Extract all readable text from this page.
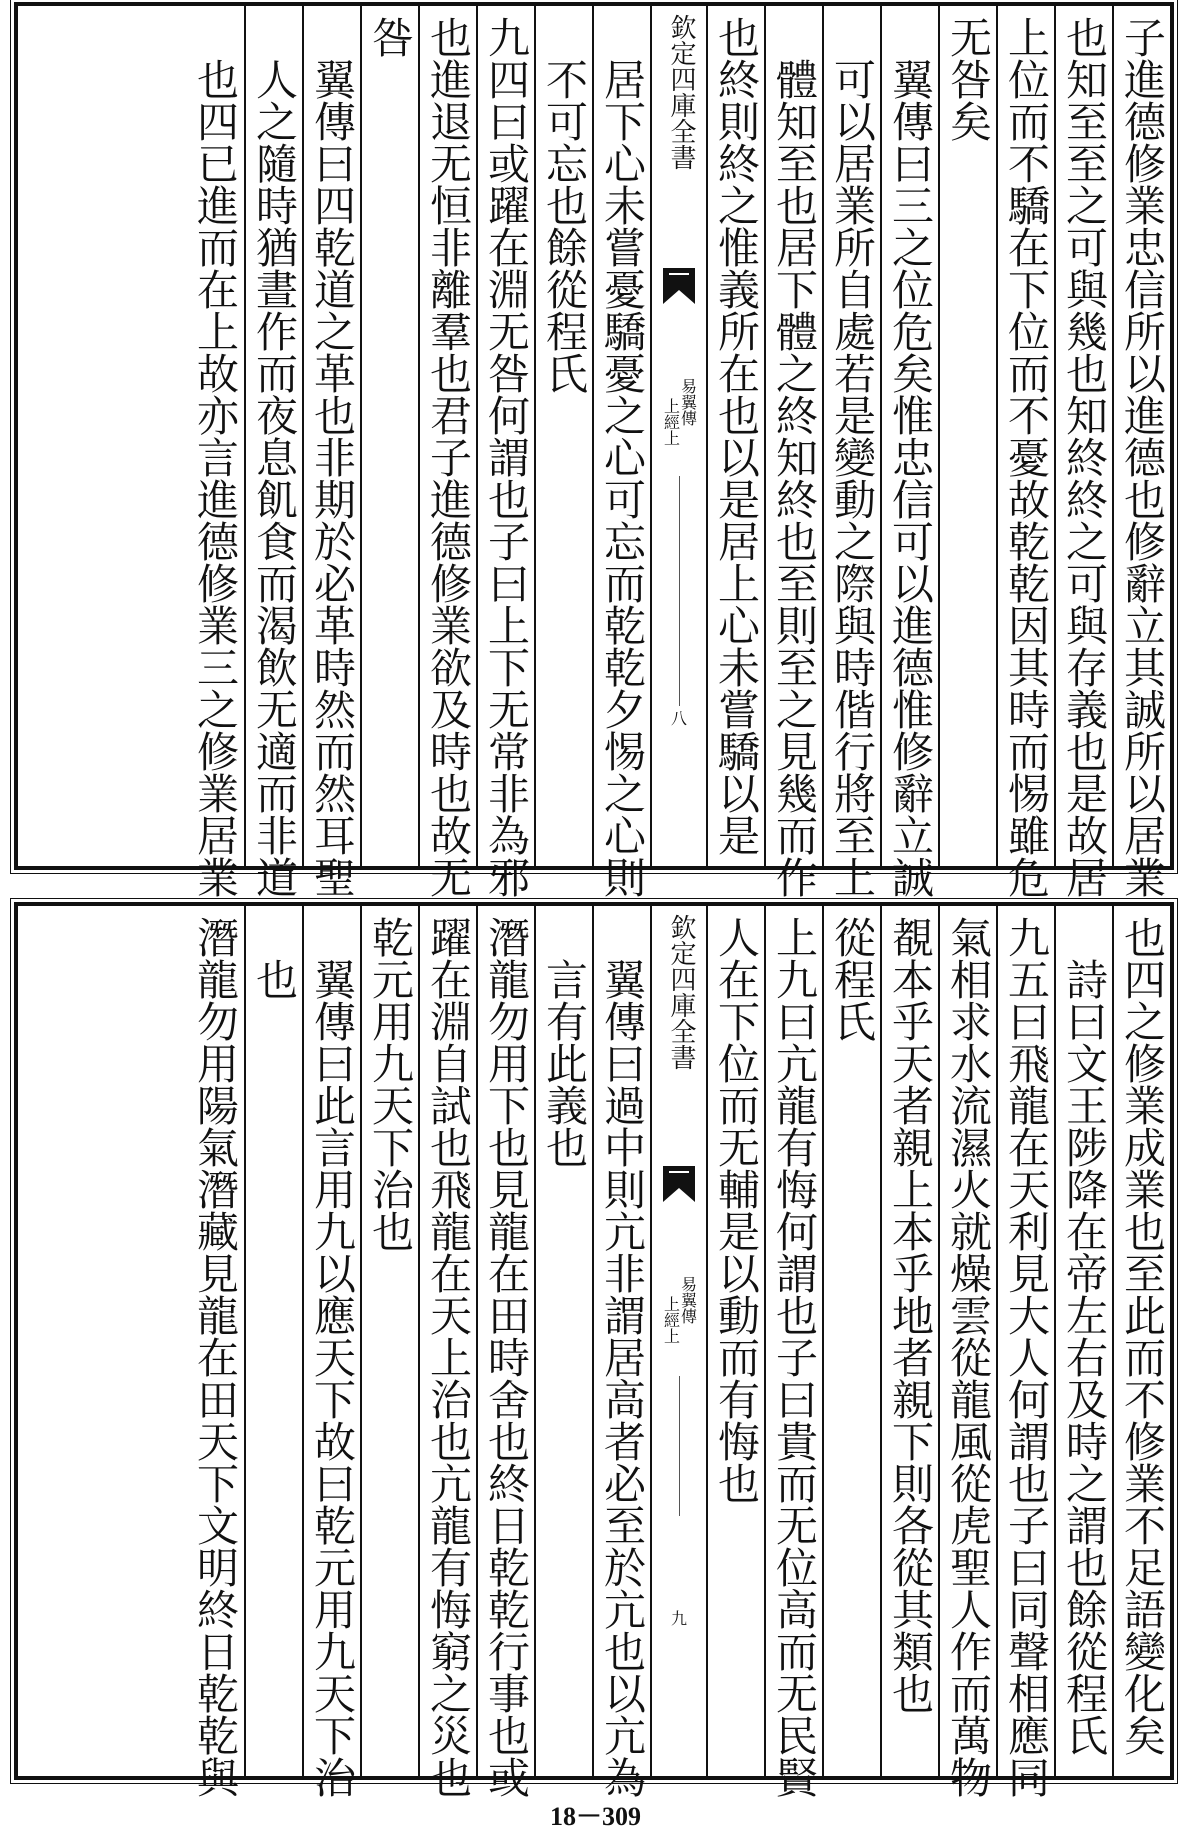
子進德修業忠信所以進德也修辭立其誠所以居業
也知至至之可與幾也知終終之可與存義也是故居
上位而不驕在下位而不憂故乾乾因其時而惕雖危
无咎矣
翼傳曰三之位危矣惟忠信可以進德惟修辭立誠
可以居業所自處若是變動之際與時偕行將至上
體知至也居下體之終知終也至則至之見幾而作
也終則終之惟義所在也以是居上心未嘗驕以是
欽定四庫全書
易翼傳
上經上
八
居下心未嘗憂驕憂之心可忘而乾乾夕惕之心則
不可忘也餘從程氏
九四曰或躍在淵无咎何謂也子曰上下无常非為邪
也進退无恒非離羣也君子進德修業欲及時也故无
咎
翼傳曰四乾道之革也非期於必革時然而然耳聖
人之隨時猶晝作而夜息飢食而渴飲无適而非道
也四已進而在上故亦言進德修業三之修業居業
也四之修業成業也至此而不修業不足語變化矣
詩曰文王陟降在帝左右及時之謂也餘從程氏
九五曰飛龍在天利見大人何謂也子曰同聲相應同
氣相求水流濕火就燥雲從龍風從虎聖人作而萬物
覩本乎天者親上本乎地者親下則各從其類也
從程氏
上九曰亢龍有悔何謂也子曰貴而无位高而无民賢
人在下位而无輔是以動而有悔也
欽定四庫全書
易翼傳
上經上
九
翼傳曰過中則亢非謂居高者必至於亢也以亢為
言有此義也
潛龍勿用下也見龍在田時舍也終日乾乾行事也或
躍在淵自試也飛龍在天上治也亢龍有悔窮之災也
乾元用九天下治也
翼傳曰此言用九以應天下故曰乾元用九天下治
也
潛龍勿用陽氣潛藏見龍在田天下文明終日乾乾與
18－309
